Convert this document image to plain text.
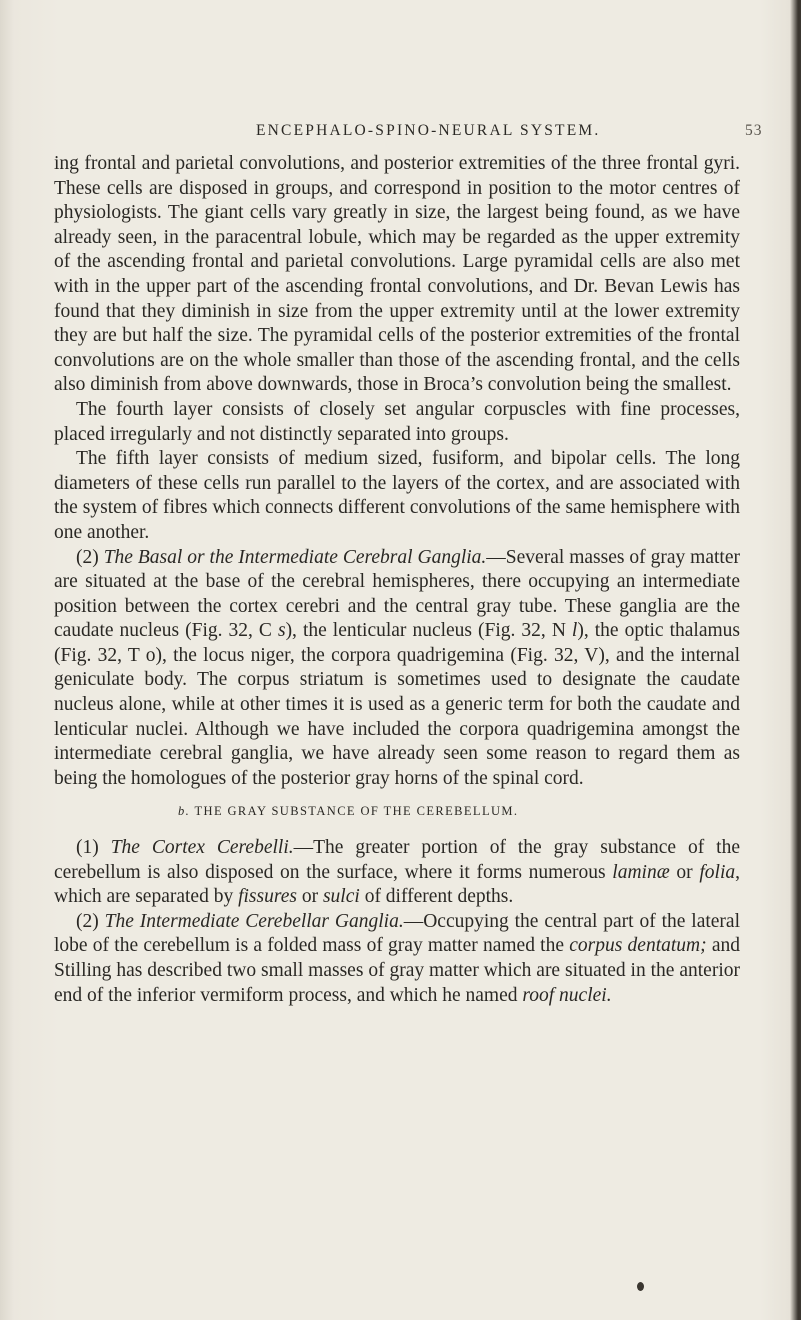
ENCEPHALO-SPINO-NEURAL SYSTEM.	53

ing frontal and parietal convolutions, and posterior extremities of the three frontal gyri. These cells are disposed in groups, and correspond in position to the motor centres of physiologists. The giant cells vary greatly in size, the largest being found, as we have already seen, in the paracentral lobule, which may be regarded as the upper extremity of the ascending frontal and parietal convolutions. Large pyramidal cells are also met with in the upper part of the ascending frontal convolutions, and Dr. Bevan Lewis has found that they diminish in size from the upper extremity until at the lower extremity they are but half the size. The pyramidal cells of the posterior extremities of the frontal convolutions are on the whole smaller than those of the ascending frontal, and the cells also diminish from above downwards, those in Broca’s convolution being the smallest.

The fourth layer consists of closely set angular corpuscles with fine processes, placed irregularly and not distinctly separated into groups.

The fifth layer consists of medium sized, fusiform, and bipolar cells. The long diameters of these cells run parallel to the layers of the cortex, and are associated with the system of fibres which connects different convolutions of the same hemisphere with one another.

(2) The Basal or the Intermediate Cerebral Ganglia.—Several masses of gray matter are situated at the base of the cerebral hemispheres, there occupying an intermediate position between the cortex cerebri and the central gray tube. These ganglia are the caudate nucleus (Fig. 32, C s), the lenticular nucleus (Fig. 32, N l), the optic thalamus (Fig. 32, T o), the locus niger, the corpora quadrigemina (Fig. 32, V), and the internal geniculate body. The corpus striatum is sometimes used to designate the caudate nucleus alone, while at other times it is used as a generic term for both the caudate and lenticular nuclei. Although we have included the corpora quadrigemina amongst the intermediate cerebral ganglia, we have already seen some reason to regard them as being the homologues of the posterior gray horns of the spinal cord.

b. THE GRAY SUBSTANCE OF THE CEREBELLUM.

(1) The Cortex Cerebelli.—The greater portion of the gray substance of the cerebellum is also disposed on the surface, where it forms numerous laminæ or folia, which are separated by fissures or sulci of different depths.

(2) The Intermediate Cerebellar Ganglia.—Occupying the central part of the lateral lobe of the cerebellum is a folded mass of gray matter named the corpus dentatum; and Stilling has described two small masses of gray matter which are situated in the anterior end of the inferior vermiform process, and which he named roof nuclei.
